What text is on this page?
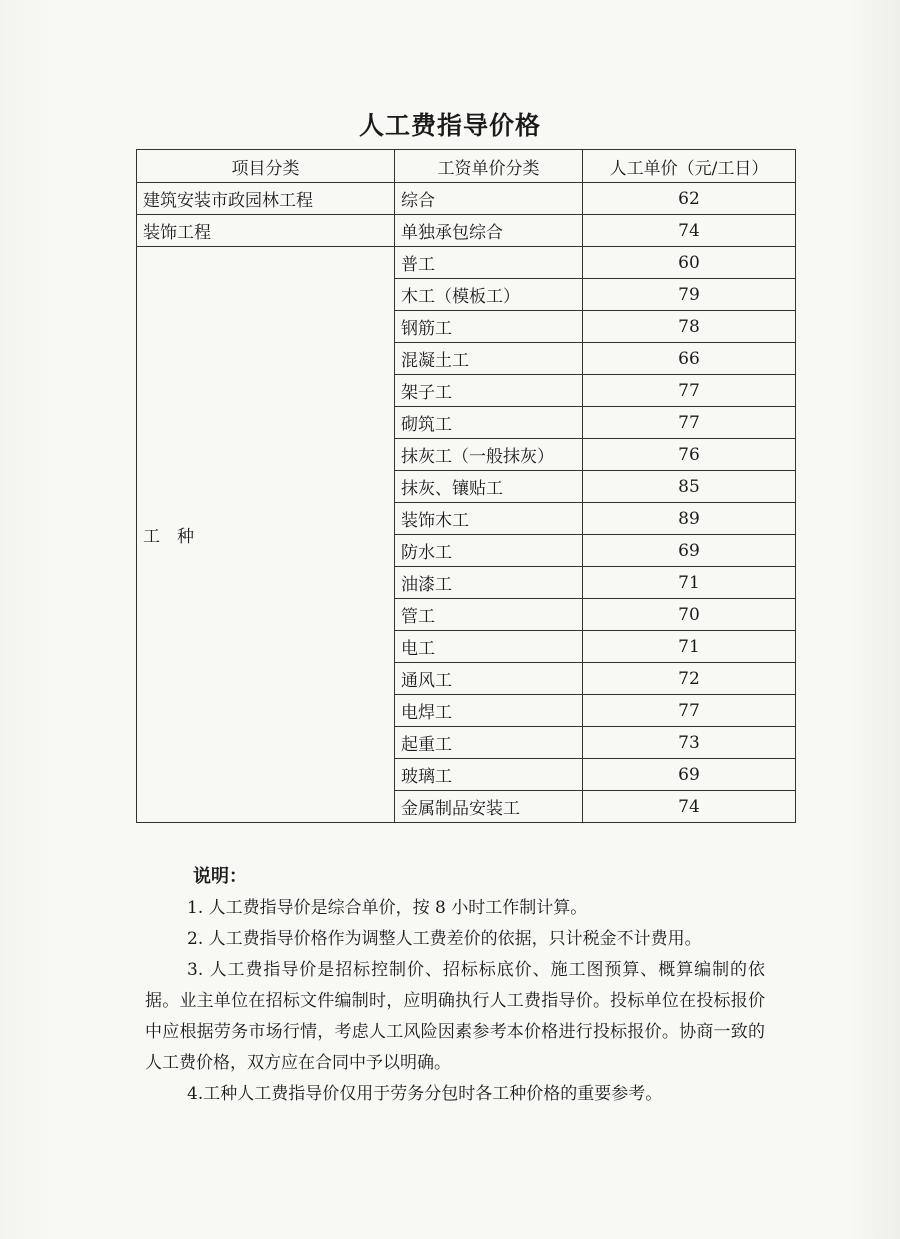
人工费指导价格
项目分类	工资单价分类	人工单价（元/工日）
建筑安装市政园林工程	综合	62
装饰工程	单独承包综合	74
工　种	普工	60
	木工（模板工）	79
	钢筋工	78
	混凝土工	66
	架子工	77
	砌筑工	77
	抹灰工（一般抹灰）	76
	抹灰、镶贴工	85
	装饰木工	89
	防水工	69
	油漆工	71
	管工	70
	电工	71
	通风工	72
	电焊工	77
	起重工	73
	玻璃工	69
	金属制品安装工	74
说明：

1. 人工费指导价是综合单价，按 8 小时工作制计算。

2. 人工费指导价格作为调整人工费差价的依据，只计税金不计费用。

3. 人工费指导价是招标控制价、招标标底价、施工图预算、概算编制的依据。业主单位在招标文件编制时，应明确执行人工费指导价。投标单位在投标报价中应根据劳务市场行情，考虑人工风险因素参考本价格进行投标报价。协商一致的人工费价格，双方应在合同中予以明确。

4.工种人工费指导价仅用于劳务分包时各工种价格的重要参考。
